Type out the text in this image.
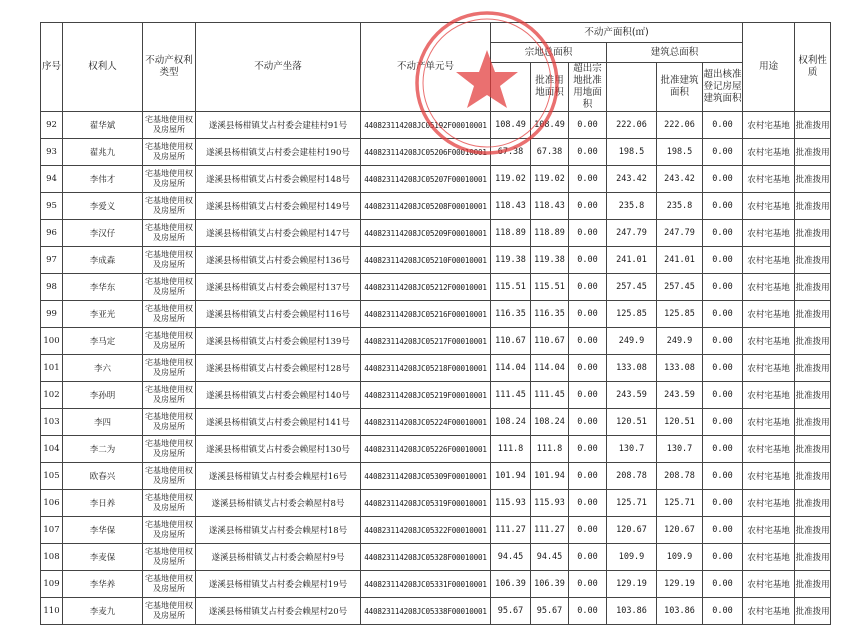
序号	权利人	不动产权利类型	不动产坐落	不动产单元号	不动产面积(㎡)						用途	权利性质
					宗地总面积			建筑总面积				
						批准用地面积	超出宗地批准用地面积		批准建筑面积	超出核准登记房屋建筑面积		
92	翟华斌	宅基地使用权及房屋所	遂溪县杨柑镇艾占村委会建桂村91号	440823114208JC05192F00010001	108.49	108.49	0.00	222.06	222.06	0.00	农村宅基地	批准拨用
93	翟兆九	宅基地使用权及房屋所	遂溪县杨柑镇艾占村委会建桂村190号	440823114208JC05206F00010001	67.38	67.38	0.00	198.5	198.5	0.00	农村宅基地	批准拨用
94	李伟才	宅基地使用权及房屋所	遂溪县杨柑镇艾占村委会赖屋村148号	440823114208JC05207F00010001	119.02	119.02	0.00	243.42	243.42	0.00	农村宅基地	批准拨用
95	李爱义	宅基地使用权及房屋所	遂溪县杨柑镇艾占村委会赖屋村149号	440823114208JC05208F00010001	118.43	118.43	0.00	235.8	235.8	0.00	农村宅基地	批准拨用
96	李汉仔	宅基地使用权及房屋所	遂溪县杨柑镇艾占村委会赖屋村147号	440823114208JC05209F00010001	118.89	118.89	0.00	247.79	247.79	0.00	农村宅基地	批准拨用
97	李成森	宅基地使用权及房屋所	遂溪县杨柑镇艾占村委会赖屋村136号	440823114208JC05210F00010001	119.38	119.38	0.00	241.01	241.01	0.00	农村宅基地	批准拨用
98	李华东	宅基地使用权及房屋所	遂溪县杨柑镇艾占村委会赖屋村137号	440823114208JC05212F00010001	115.51	115.51	0.00	257.45	257.45	0.00	农村宅基地	批准拨用
99	李亚光	宅基地使用权及房屋所	遂溪县杨柑镇艾占村委会赖屋村116号	440823114208JC05216F00010001	116.35	116.35	0.00	125.85	125.85	0.00	农村宅基地	批准拨用
100	李马定	宅基地使用权及房屋所	遂溪县杨柑镇艾占村委会赖屋村139号	440823114208JC05217F00010001	110.67	110.67	0.00	249.9	249.9	0.00	农村宅基地	批准拨用
101	李六	宅基地使用权及房屋所	遂溪县杨柑镇艾占村委会赖屋村128号	440823114208JC05218F00010001	114.04	114.04	0.00	133.08	133.08	0.00	农村宅基地	批准拨用
102	李孙明	宅基地使用权及房屋所	遂溪县杨柑镇艾占村委会赖屋村140号	440823114208JC05219F00010001	111.45	111.45	0.00	243.59	243.59	0.00	农村宅基地	批准拨用
103	李四	宅基地使用权及房屋所	遂溪县杨柑镇艾占村委会赖屋村141号	440823114208JC05224F00010001	108.24	108.24	0.00	120.51	120.51	0.00	农村宅基地	批准拨用
104	李二为	宅基地使用权及房屋所	遂溪县杨柑镇艾占村委会赖屋村130号	440823114208JC05226F00010001	111.8	111.8	0.00	130.7	130.7	0.00	农村宅基地	批准拨用
105	欧春兴	宅基地使用权及房屋所	遂溪县杨柑镇艾占村委会赖屋村16号	440823114208JC05309F00010001	101.94	101.94	0.00	208.78	208.78	0.00	农村宅基地	批准拨用
106	李日养	宅基地使用权及房屋所	遂溪县杨柑镇艾占村委会赖屋村8号	440823114208JC05319F00010001	115.93	115.93	0.00	125.71	125.71	0.00	农村宅基地	批准拨用
107	李华保	宅基地使用权及房屋所	遂溪县杨柑镇艾占村委会赖屋村18号	440823114208JC05322F00010001	111.27	111.27	0.00	120.67	120.67	0.00	农村宅基地	批准拨用
108	李麦保	宅基地使用权及房屋所	遂溪县杨柑镇艾占村委会赖屋村9号	440823114208JC05328F00010001	94.45	94.45	0.00	109.9	109.9	0.00	农村宅基地	批准拨用
109	李华养	宅基地使用权及房屋所	遂溪县杨柑镇艾占村委会赖屋村19号	440823114208JC05331F00010001	106.39	106.39	0.00	129.19	129.19	0.00	农村宅基地	批准拨用
110	李麦九	宅基地使用权及房屋所	遂溪县杨柑镇艾占村委会赖屋村20号	440823114208JC05338F00010001	95.67	95.67	0.00	103.86	103.86	0.00	农村宅基地	批准拨用
